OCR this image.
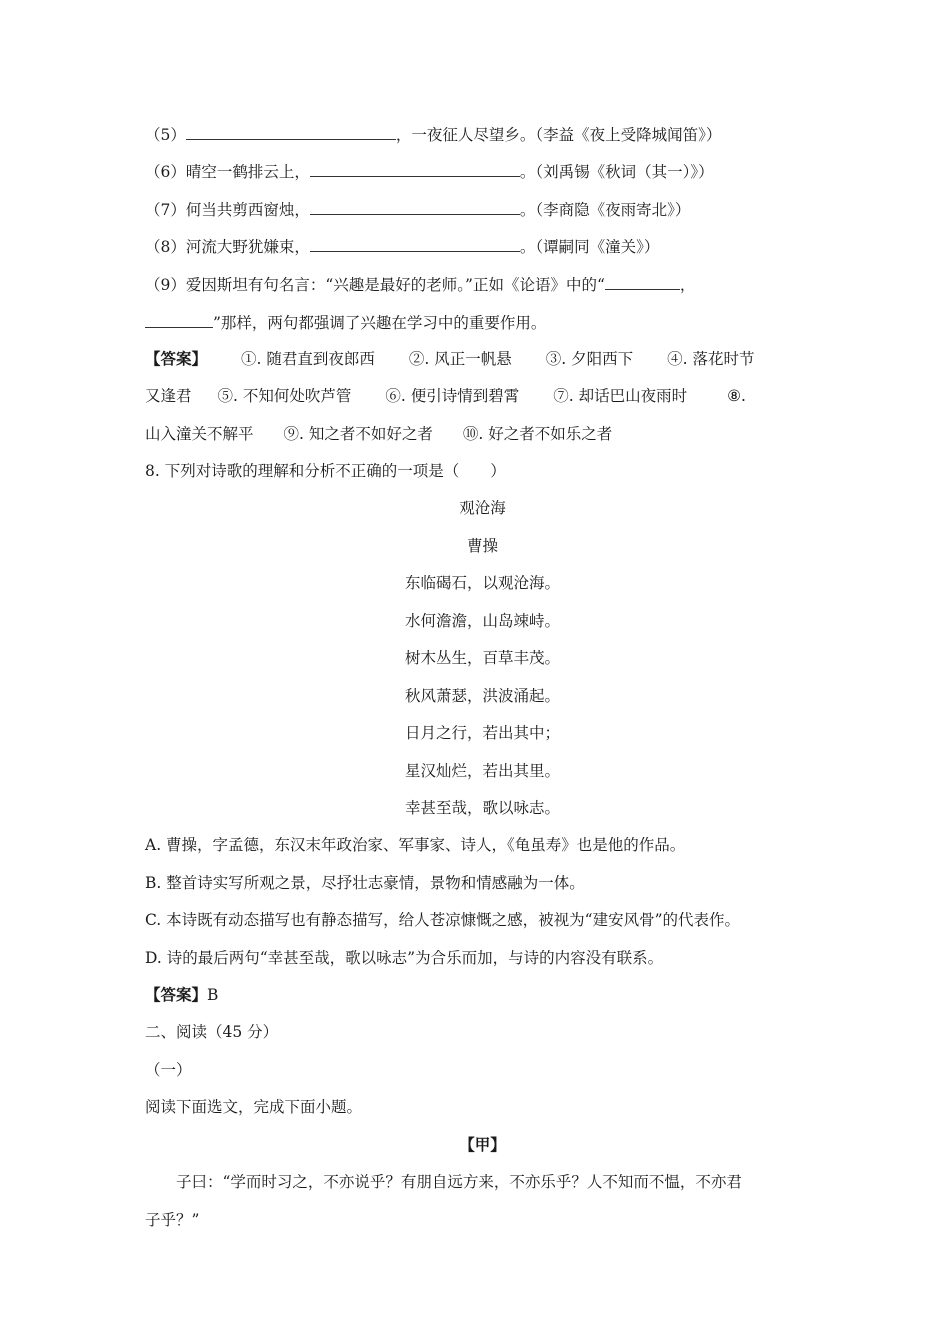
（5）	，一夜征人尽望乡。（李益《夜上受降城闻笛》）
（6）晴空一鹤排云上，	。（刘禹锡《秋词（其一）》）
（7）何当共剪西窗烛，	。（李商隐《夜雨寄北》）
（8）河流大野犹嫌束，	。（谭嗣同《潼关》）
（9）爱因斯坦有句名言：“兴趣是最好的老师。”正如《论语》中的“	，
”那样，两句都强调了兴趣在学习中的重要作用。
【答案】 ①. 随君直到夜郎西 ②. 风正一帆悬 ③. 夕阳西下 ④. 落花时节
又逢君 ⑤. 不知何处吹芦管 ⑥. 便引诗情到碧霄 ⑦. 却话巴山夜雨时	⑧.
山入潼关不解平 ⑨. 知之者不如好之者 ⑩. 好之者不如乐之者
8. 下列对诗歌的理解和分析不正确的一项是（　　）
观沧海
曹操
东临碣石，以观沧海。
水何澹澹，山岛竦峙。
树木丛生，百草丰茂。
秋风萧瑟，洪波涌起。
日月之行，若出其中；
星汉灿烂，若出其里。
幸甚至哉，歌以咏志。
A. 曹操，字孟德，东汉末年政治家、军事家、诗人，《龟虽寿》也是他的作品。
B. 整首诗实写所观之景，尽抒壮志豪情，景物和情感融为一体。
C. 本诗既有动态描写也有静态描写，给人苍凉慷慨之感，被视为“建安风骨”的代表作。
D. 诗的最后两句“幸甚至哉，歌以咏志”为合乐而加，与诗的内容没有联系。
【答案】B
二、阅读（45 分）
（一）
阅读下面选文，完成下面小题。
【甲】
子曰：“学而时习之，不亦说乎？有朋自远方来，不亦乐乎？人不知而不愠，不亦君
子乎？”
